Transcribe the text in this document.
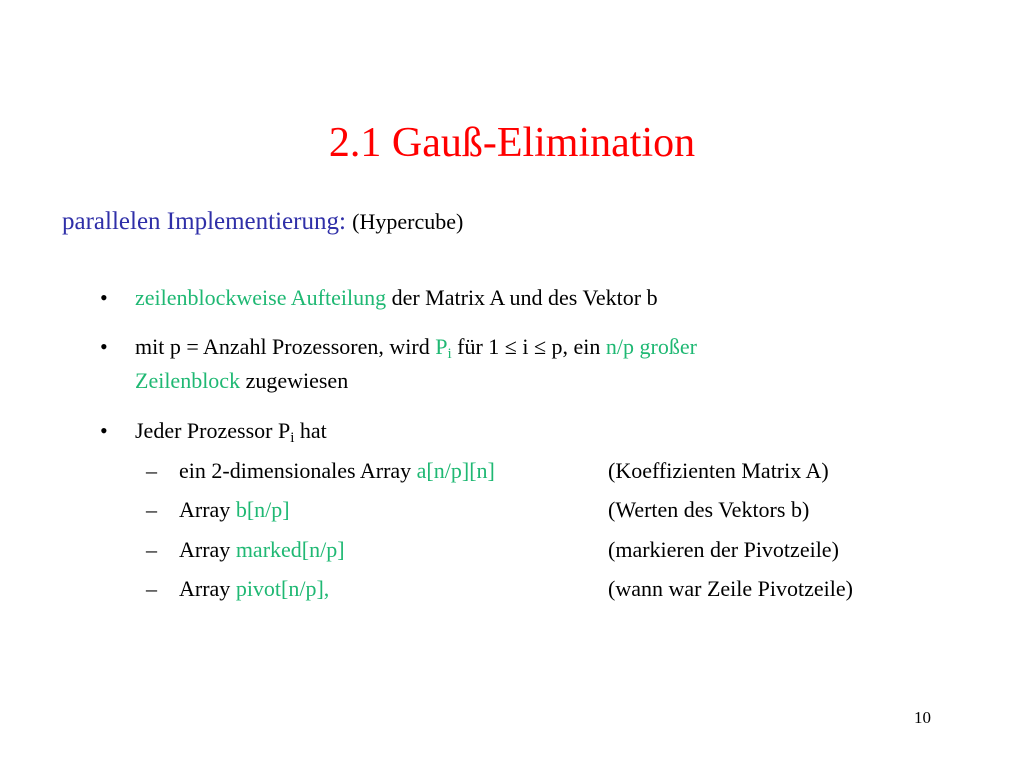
2.1 Gauß-Elimination
parallelen Implementierung: (Hypercube)
• zeilenblockweise Aufteilung der Matrix A und des Vektor b
• mit p = Anzahl Prozessoren, wird $P_i$ für 1 ≤ i ≤ p, ein n/p großer
Zeilenblock zugewiesen
• Jeder Prozessor $P_i$ hat
– ein 2-dimensionales Array a[n/p][n]	(Koeffizienten Matrix A)
– Array b[n/p]	(Werten des Vektors b)
– Array marked[n/p]	(markieren der Pivotzeile)
– Array pivot[n/p],	(wann war Zeile Pivotzeile)
10
